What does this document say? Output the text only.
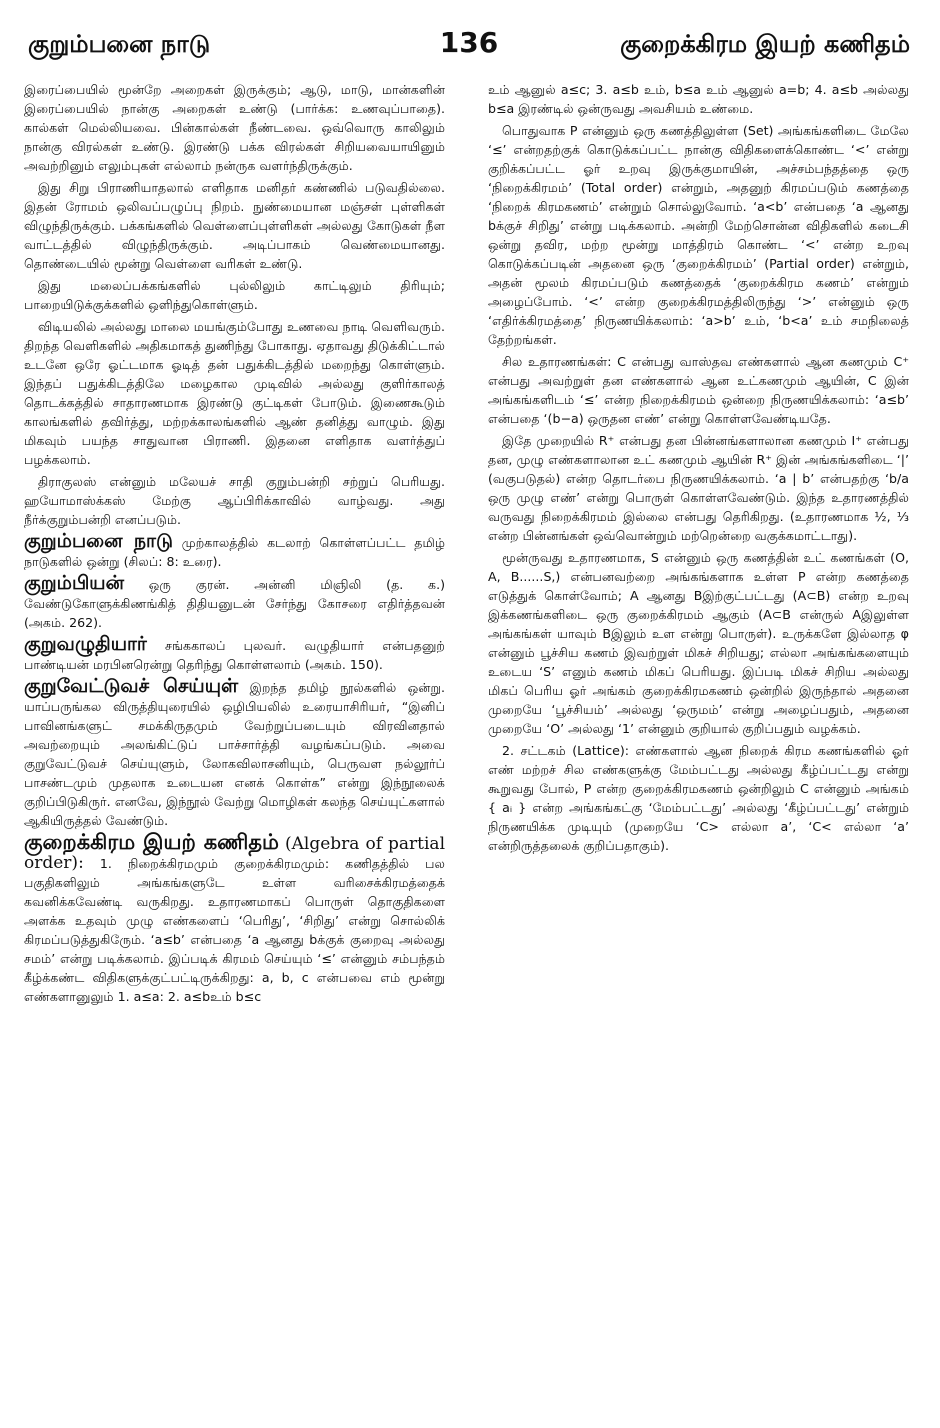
குறும்பனை நாடு	136	குறைக்கிரம இயற் கணிதம்

இரைப்பையில் மூன்றே அறைகள் இருக்கும்; ஆடு, மாடு, மான்களின் இரைப்பையில் நான்கு அறைகள் உண்டு (பார்க்க: உணவுப்பாதை). கால்கள் மெல்லியவை. பின்கால்கள் நீண்டவை. ஒவ்வொரு காலிலும் நான்கு விரல்கள் உண்டு. இரண்டு பக்க விரல்கள் சிறியவையாயினும் அவற்றினும் எலும்புகள் எல்லாம் நன்ருக வளர்ந்திருக்கும்.

இது சிறு பிராணியாதலால் எளிதாக மனிதர் கண்ணில் படுவதில்லை. இதன் ரோமம் ஒலிவப்பழுப்பு நிறம். நுண்மையான மஞ்சள் புள்ளிகள் விழுந்திருக்கும். பக்கங்களில் வெள்ளைப்புள்ளிகள் அல்லது கோடுகள் நீள வாட்டத்தில் விழுந்திருக்கும். அடிப்பாகம் வெண்மையானது. தொண்டையில் மூன்று வெள்ளை வரிகள் உண்டு.

இது மலைப்பக்கங்களில் புல்லிலும் காட்டிலும் திரியும்; பாறையிடுக்குக்களில் ஒளிந்துகொள்ளும்.

விடியலில் அல்லது மாலை மயங்கும்போது உணவை நாடி வெளிவரும். திறந்த வெளிகளில் அதிகமாகத் துணிந்து போகாது. ஏதாவது திடுக்கிட்டால் உடனே ஒரே ஓட்டமாக ஓடித் தன் பதுக்கிடத்தில் மறைந்து கொள்ளும். இந்தப் பதுக்கிடத்திலே மழைகால முடிவில் அல்லது குளிர்காலத் தொடக்கத்தில் சாதாரணமாக இரண்டு குட்டிகள் போடும். இணைகூடும் காலங்களில் தவிர்த்து, மற்றக்காலங்களில் ஆண் தனித்து வாழும். இது மிகவும் பயந்த சாதுவான பிராணி. இதனை எளிதாக வளர்த்துப் பழக்கலாம்.

திராகுலஸ் என்னும் மலேயச் சாதி குறும்பன்றி சற்றுப் பெரியது. ஹயோமாஸ்க்கஸ் மேற்கு ஆப்பிரிக்காவில் வாழ்வது. அது நீர்க்குறும்பன்றி எனப்படும்.

குறும்பனை நாடு முற்காலத்தில் கடலாற் கொள்ளப்பட்ட தமிழ் நாடுகளில் ஒன்று (சிலப்: 8: உரை).

குறும்பியன் ஒரு குரன். அன்னி மிஞிலி (த. க.) வேண்டுகோளுக்கிணங்கித் திதியனுடன் சேர்ந்து கோசரை எதிர்த்தவன் (அகம். 262).

குறுவழுதியார் சங்ககாலப் புலவர். வழுதியார் என்பதனுற் பாண்டியன் மரபினரென்று தெரிந்து கொள்ளலாம் (அகம். 150).

குறுவேட்டுவச் செய்யுள் இறந்த தமிழ் நூல்களில் ஒன்று. யாப்பருங்கல விருத்தியுரையில் ஒழிபியலில் உரையாசிரியர், “இனிப் பாவினங்களுட் சமக்கிருதமும் வேற்றுப்படையும் விரவினதால் அவற்றையும் அலங்கிட்டுப் பாச்சார்த்தி வழங்கப்படும். அவை குறுவேட்டுவச் செய்யுளும், லோகவிலாசனியும், பெருவள நல்லூர்ப் பாசண்டமும் முதலாக உடையன எனக் கொள்க” என்று இந்நூலைக் குறிப்பிடுகிருர். எனவே, இந்நூல் வேற்று மொழிகள் கலந்த செய்யுட்களால் ஆகியிருத்தல் வேண்டும்.

குறைக்கிரம இயற் கணிதம் (Algebra of partial order): 1. நிறைக்கிரமமும் குறைக்கிரமமும்: கணிதத்தில் பல பகுதிகளிலும் அங்கங்களுடே உள்ள வரிசைக்கிரமத்தைக் கவனிக்கவேண்டி வருகிறது. உதாரணமாகப் பொருள் தொகுதிகளை அளக்க உதவும் முழு எண்களைப் ‘பெரிது’, ‘சிறிது’ என்று சொல்லிக் கிரமப்படுத்துகிருேம். ‘a≤b’ என்பதை ‘a ஆனது bக்குக் குறைவு அல்லது சமம்’ என்று படிக்கலாம். இப்படிக் கிரமம் செய்யும் ‘≤’ என்னும் சம்பந்தம் கீழ்க்கண்ட விதிகளுக்குட்பட்டிருக்கிறது: a, b, c என்பவை எம் மூன்று எண்களானுலும் 1. a≤a: 2. a≤bஉம் b≤c

உம் ஆனுல் a≤c; 3. a≤b உம், b≤a உம் ஆனுல் a=b; 4. a≤b அல்லது b≤a இரண்டில் ஒன்ருவது அவசியம் உண்மை.

பொதுவாக P என்னும் ஒரு கணத்திலுள்ள (Set) அங்கங்களிடை மேலே ‘≤’ என்றதற்குக் கொடுக்கப்பட்ட நான்கு விதிகளைக்கொண்ட ‘<’ என்று குறிக்கப்பட்ட ஓர் உறவு இருக்குமாயின், அச்சம்பந்தத்தை ஒரு ‘நிறைக்கிரமம்’ (Total order) என்றும், அதனுற் கிரமப்படும் கணத்தை ‘நிறைக் கிரமகணம்’ என்றும் சொல்லுவோம். ‘a<b’ என்பதை ‘a ஆனது bக்குச் சிறிது’ என்று படிக்கலாம். அன்றி மேற்சொன்ன விதிகளில் கடைசி ஒன்று தவிர, மற்ற மூன்று மாத்திரம் கொண்ட ‘<’ என்ற உறவு கொடுக்கப்படின் அதனை ஒரு ‘குறைக்கிரமம்’ (Partial order) என்றும், அதன் மூலம் கிரமப்படும் கணத்தைக் ‘குறைக்கிரம கணம்’ என்றும் அழைப்போம். ‘<’ என்ற குறைக்கிரமத்திலிருந்து ‘>’ என்னும் ஒரு ‘எதிர்க்கிரமத்தை’ நிருணயிக்கலாம்: ‘a>b’ உம், ‘b<a’ உம் சமநிலைத் தேற்றங்கள்.

சில உதாரணங்கள்: C என்பது வாஸ்தவ எண்களால் ஆன கணமும் C⁺ என்பது அவற்றுள் தன எண்களால் ஆன உட்கணமும் ஆயின், C இன் அங்கங்களிடம் ‘≤’ என்ற நிறைக்கிரமம் ஒன்றை நிருணயிக்கலாம்: ‘a≤b’ என்பதை ‘(b−a) ஒருதன எண்’ என்று கொள்ளவேண்டியதே.

இதே முறையில் R⁺ என்பது தன பின்னங்களாலான கணமும் I⁺ என்பது தன, முழு எண்களாலான உட் கணமும் ஆயின் R⁺ இன் அங்கங்களிடை ‘|’ (வகுபடுதல்) என்ற தொடர்பை நிருணயிக்கலாம். ‘a | b’ என்பதற்கு ‘b/a ஒரு முழு எண்’ என்று பொருள் கொள்ளவேண்டும். இந்த உதாரணத்தில் வருவது நிறைக்கிரமம் இல்லை என்பது தெரிகிறது. (உதாரணமாக ½, ⅓ என்ற பின்னங்கள் ஒவ்வொன்றும் மற்றென்றை வகுக்கமாட்டாது).

மூன்ருவது உதாரணமாக, S என்னும் ஒரு கணத்தின் உட் கணங்கள் (O, A, B......S,) என்பனவற்றை அங்கங்களாக உள்ள P என்ற கணத்தை எடுத்துக் கொள்வோம்; A ஆனது Bஇற்குட்பட்டது (A⊂B) என்ற உறவு இக்கணங்களிடை ஒரு குறைக்கிரமம் ஆகும் (A⊂B என்ருல் Aஇலுள்ள அங்கங்கள் யாவும் Bஇலும் உள என்று பொருள்). உருக்களே இல்லாத φ என்னும் பூச்சிய கணம் இவற்றுள் மிகச் சிறியது; எல்லா அங்கங்களையும் உடைய ‘S’ எனும் கணம் மிகப் பெரியது. இப்படி மிகச் சிறிய அல்லது மிகப் பெரிய ஓர் அங்கம் குறைக்கிரமகணம் ஒன்றில் இருந்தால் அதனை முறையே ‘பூச்சியம்’ அல்லது ‘ஒருமம்’ என்று அழைப்பதும், அதனை முறையே ‘O’ அல்லது ‘1’ என்னும் குறியால் குறிப்பதும் வழக்கம்.

2. சட்டகம் (Lattice): எண்களால் ஆன நிறைக் கிரம கணங்களில் ஓர் எண் மற்றச் சில எண்களுக்கு மேம்பட்டது அல்லது கீழ்ப்பட்டது என்று கூறுவது போல், P என்ற குறைக்கிரமகணம் ஒன்றிலும் C என்னும் அங்கம் { aᵢ } என்ற அங்கங்கட்கு ‘மேம்பட்டது’ அல்லது ‘கீழ்ப்பட்டது’ என்றும் நிருணயிக்க முடியும் (முறையே ‘C> எல்லா a’, ‘C< எல்லா ‘a’ என்றிருத்தலைக் குறிப்பதாகும்).
